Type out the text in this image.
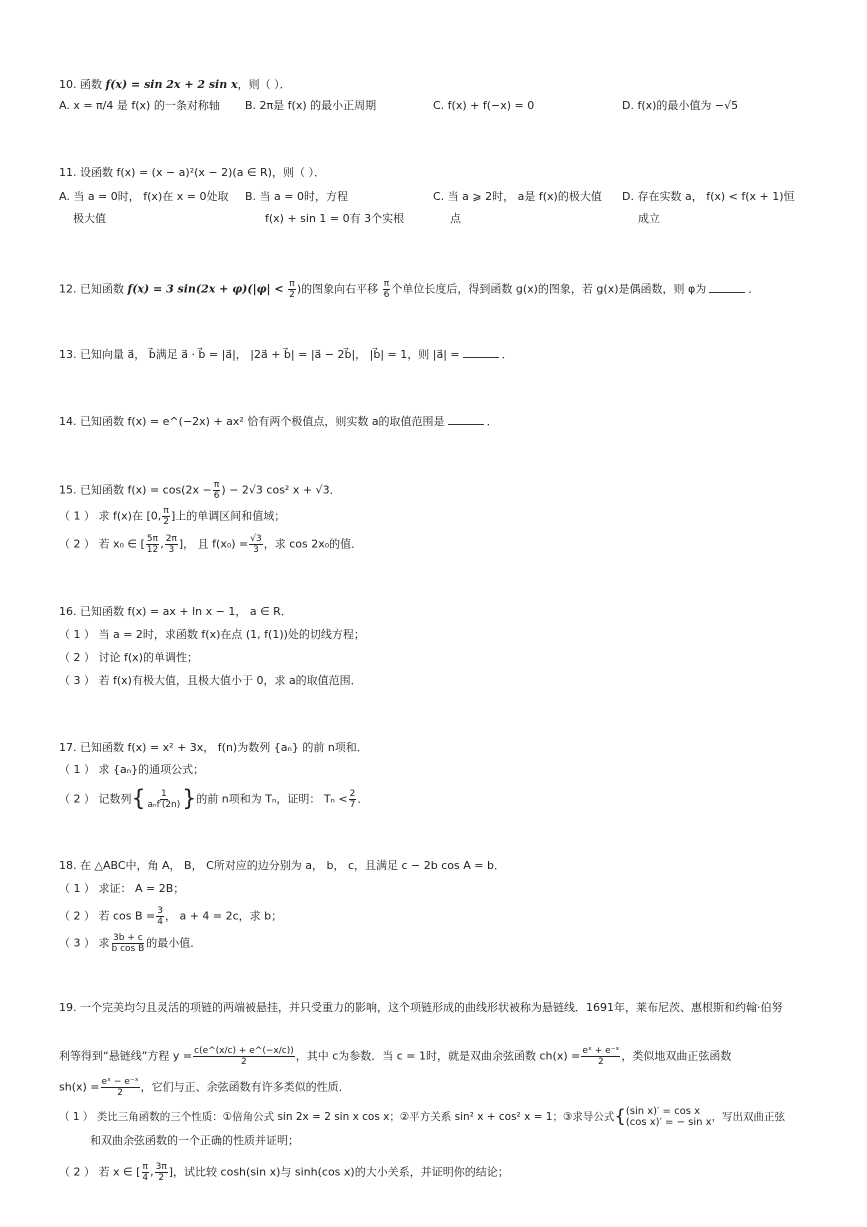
10. 函数 f(x) = sin 2x + 2 sin x，则（ ）．
A. x = π/4 是 f(x) 的一条对称轴 B. 2π是 f(x) 的最小正周期	C. f(x) + f(−x) = 0	D. f(x)的最小值为 −√5
11. 设函数 f(x) = (x − a)²(x − 2)(a ∈ R)，则（ ）．
A. 当 a = 0时， f(x)在 x = 0处取
极大值
B. 当 a = 0时，方程
f(x) + sin 1 = 0有 3个实根
C. 当 a ⩾ 2时， a是 f(x)的极大值
点
D. 存在实数 a， f(x) < f(x + 1)恒
成立
12. 已知函数 f(x) = 3 $\sin(2x + \varphi)(|\varphi| < \frac{\pi}{2}$ )的图象向右平移 $\frac{\pi}{6}$ 个单位长度后，得到函数 g(x)的图象，若 g(x)是偶函数，则 φ为	．
13. 已知向量 a⃗， b⃗满足 a⃗ · b⃗ = |a⃗|， |2a⃗ + b⃗| = |a⃗ − 2b⃗|， |b⃗| = 1，则 |a⃗| =	．
14. 已知函数 f(x) = e^(−2x) + ax² 恰有两个极值点，则实数 a的取值范围是	．
15. 已知函数 $f(x) = \cos(2x - \frac{\pi}{6}$ ) − 2√3 cos² x + √3．
（ 1 ） 求 f(x)在 [0, $\frac{\pi}{2}$ ]上的单调区间和值域；
（ 2 ） 若 x₀ ∈ [ $\frac{5\pi}{12}$ , $\frac{2\pi}{3}$ ]， 且 $f(x_0) = \frac{√3}{3}$ ，求 cos 2x₀的值．
16. 已知函数 f(x) = ax + ln x − 1， a ∈ R．
（ 1 ） 当 a = 2时，求函数 f(x)在点 (1, f(1))处的切线方程；
（ 2 ） 讨论 f(x)的单调性；
（ 3 ） 若 f(x)有极大值，且极大值小于 0，求 a的取值范围．
17. 已知函数 f(x) = x² + 3x， f(n)为数列 {aₙ} 的前 n项和．
（ 1 ） 求 {aₙ}的通项公式；
（ 2 ） 记数列{ $\frac{1}{\text{aₙf′(2n)}}$ }的前 n项和为 Tₙ，证明： $T_n < \frac{2}{7}$ ．
18. 在 △ABC中，角 A， B， C所对应的边分别为 a， b， c，且满足 c − 2b cos A = b．
（ 1 ） 求证： A = 2B；
（ 2 ） 若 $\cos B = \frac{3}{4}$ ， a + 4 = 2c，求 b；
（ 3 ） 求 $\frac{3b + c}{\text{b cos B}}$ 的最小值．
19. 一个完美均匀且灵活的项链的两端被悬挂，并只受重力的影响，这个项链形成的曲线形状被称为悬链线．1691年，莱布尼茨、惠根斯和约翰·伯努
利等得到“悬链线”方程 $y = \frac{c(e\^{}(x/c) + e\^{}(-x/c))}{2}$ ，其中 c为参数．当 c = 1时，就是双曲余弦函数 $ch(x) = \frac{\text{eˣ + e⁻ˣ}}{2}$ ，类似地双曲正弦函数
$sh(x) = \frac{\text{eˣ − e⁻ˣ}}{2}$ ，它们与正、余弦函数有许多类似的性质．
（ 1 ） 类比三角函数的三个性质：①倍角公式 sin 2x = 2 sin x cos x；②平方关系 sin² x + cos² x = 1；③求导公式{ (sin x)′ = cos x
(cos x)′ = − sin x ，写出双曲正弦
和双曲余弦函数的一个正确的性质并证明；
（ 2 ） 若 x ∈ [ $\frac{\pi}{4}$ , $\frac{3\pi}{2}$ ]，试比较 cosh(sin x)与 sinh(cos x)的大小关系，并证明你的结论；
